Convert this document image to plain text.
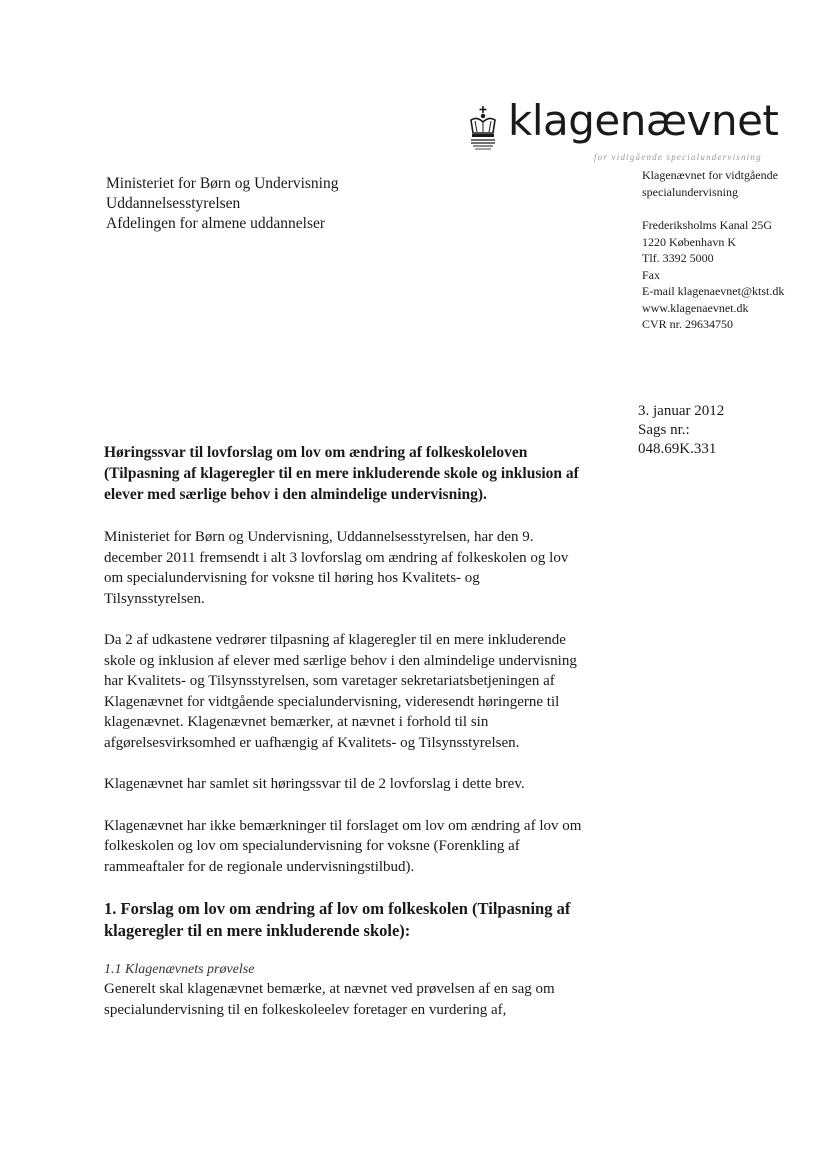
klagenævnet
for vidtgående specialundervisning
Ministeriet for Børn og Undervisning
Uddannelsesstyrelsen
Afdelingen for almene uddannelser
Klagenævnet for vidtgående
specialundervisning
Frederiksholms Kanal 25G
1220 København K
Tlf. 3392 5000
Fax
E-mail klagenaevnet@ktst.dk
www.klagenaevnet.dk
CVR nr. 29634750
3. januar 2012
Sags nr.:
048.69K.331
Høringssvar til lovforslag om lov om ændring af folkeskoleloven (Tilpasning af klageregler til en mere inkluderende skole og inklusion af elever med særlige behov i den almindelige undervisning).

Ministeriet for Børn og Undervisning, Uddannelsesstyrelsen, har den 9. december 2011 fremsendt i alt 3 lovforslag om ændring af folkeskolen og lov om specialundervisning for voksne til høring hos Kvalitets- og Tilsynsstyrelsen.

Da 2 af udkastene vedrører tilpasning af klageregler til en mere inkluderende skole og inklusion af elever med særlige behov i den almindelige undervisning har Kvalitets- og Tilsynsstyrelsen, som varetager sekretariatsbetjeningen af Klagenævnet for vidtgående specialundervisning, videresendt høringerne til klagenævnet. Klagenævnet bemærker, at nævnet i forhold til sin afgørelsesvirksomhed er uafhængig af Kvalitets- og Tilsynsstyrelsen.

Klagenævnet har samlet sit høringssvar til de 2 lovforslag i dette brev.

Klagenævnet har ikke bemærkninger til forslaget om lov om ændring af lov om folkeskolen og lov om specialundervisning for voksne (Forenkling af rammeaftaler for de regionale undervisningstilbud).

1. Forslag om lov om ændring af lov om folkeskolen (Tilpasning af klageregler til en mere inkluderende skole):
1.1 Klagenævnets prøvelse

Generelt skal klagenævnet bemærke, at nævnet ved prøvelsen af en sag om specialundervisning til en folkeskoleelev foretager en vurdering af,
